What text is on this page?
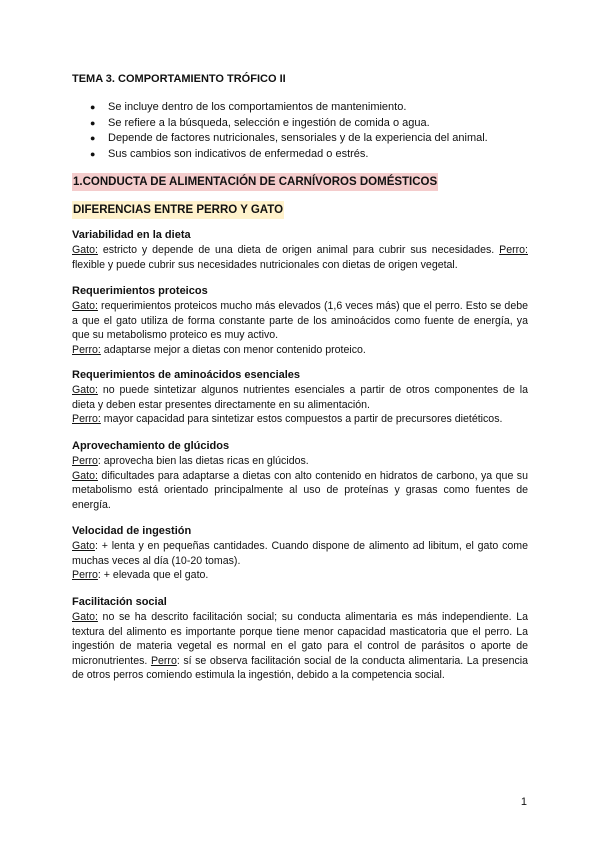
TEMA 3. COMPORTAMIENTO TRÓFICO II
● Se incluye dentro de los comportamientos de mantenimiento.
● Se refiere a la búsqueda, selección e ingestión de comida o agua.
● Depende de factores nutricionales, sensoriales y de la experiencia del animal.
● Sus cambios son indicativos de enfermedad o estrés.
1.CONDUCTA DE ALIMENTACIÓN DE CARNÍVOROS DOMÉSTICOS
DIFERENCIAS ENTRE PERRO Y GATO
Variabilidad en la dieta

Gato: estricto y depende de una dieta de origen animal para cubrir sus necesidades. Perro: flexible y puede cubrir sus necesidades nutricionales con dietas de origen vegetal.

Requerimientos proteicos

Gato: requerimientos proteicos mucho más elevados (1,6 veces más) que el perro. Esto se debe a que el gato utiliza de forma constante parte de los aminoácidos como fuente de energía, ya que su metabolismo proteico es muy activo.

Perro: adaptarse mejor a dietas con menor contenido proteico.

Requerimientos de aminoácidos esenciales

Gato: no puede sintetizar algunos nutrientes esenciales a partir de otros componentes de la dieta y deben estar presentes directamente en su alimentación.

Perro: mayor capacidad para sintetizar estos compuestos a partir de precursores dietéticos.

Aprovechamiento de glúcidos

Perro: aprovecha bien las dietas ricas en glúcidos.

Gato: dificultades para adaptarse a dietas con alto contenido en hidratos de carbono, ya que su metabolismo está orientado principalmente al uso de proteínas y grasas como fuentes de energía.

Velocidad de ingestión

Gato: + lenta y en pequeñas cantidades. Cuando dispone de alimento ad libitum, el gato come muchas veces al día (10-20 tomas).

Perro: + elevada que el gato.

Facilitación social

Gato: no se ha descrito facilitación social; su conducta alimentaria es más independiente. La textura del alimento es importante porque tiene menor capacidad masticatoria que el perro. La ingestión de materia vegetal es normal en el gato para el control de parásitos o aporte de micronutrientes. Perro: sí se observa facilitación social de la conducta alimentaria. La presencia de otros perros comiendo estimula la ingestión, debido a la competencia social.

1
